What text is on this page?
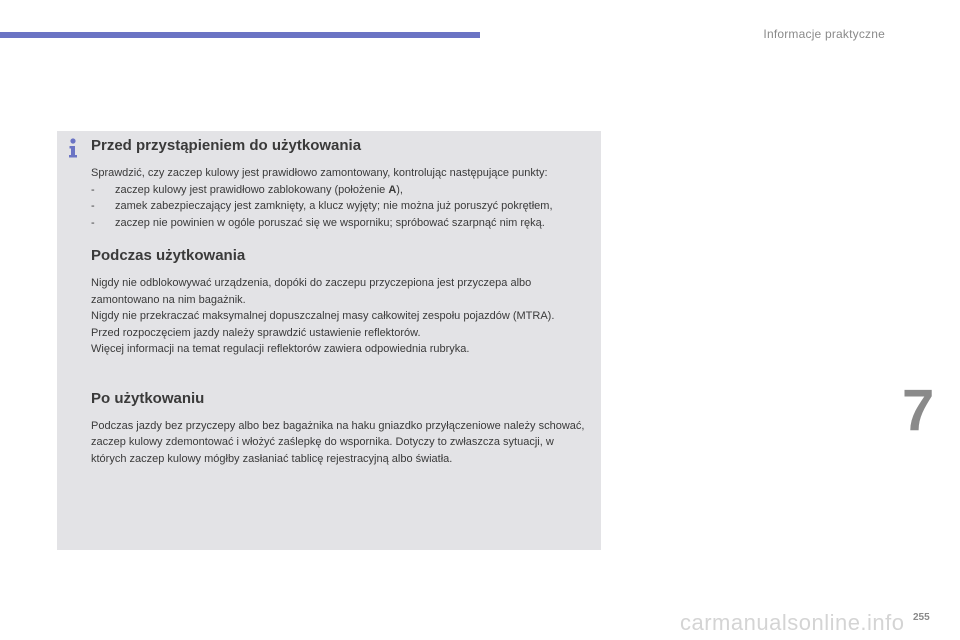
Informacje praktyczne
Przed przystąpieniem do użytkowania

Sprawdzić, czy zaczep kulowy jest prawidłowo zamontowany, kontrolując następujące punkty:

- zaczep kulowy jest prawidłowo zablokowany (położenie A),
- zamek zabezpieczający jest zamknięty, a klucz wyjęty; nie można już poruszyć pokrętłem,
- zaczep nie powinien w ogóle poruszać się we wsporniku; spróbować szarpnąć nim ręką.
Podczas użytkowania

Nigdy nie odblokowywać urządzenia, dopóki do zaczepu przyczepiona jest przyczepa albo zamontowano na nim bagażnik.

Nigdy nie przekraczać maksymalnej dopuszczalnej masy całkowitej zespołu pojazdów (MTRA).

Przed rozpoczęciem jazdy należy sprawdzić ustawienie reflektorów.

Więcej informacji na temat regulacji reflektorów zawiera odpowiednia rubryka.

Po użytkowaniu

Podczas jazdy bez przyczepy albo bez bagażnika na haku gniazdko przyłączeniowe należy schować, zaczep kulowy zdemontować i włożyć zaślepkę do wspornika. Dotyczy to zwłaszcza sytuacji, w których zaczep kulowy mógłby zasłaniać tablicę rejestracyjną albo światła.

7
carmanualsonline.info 255
